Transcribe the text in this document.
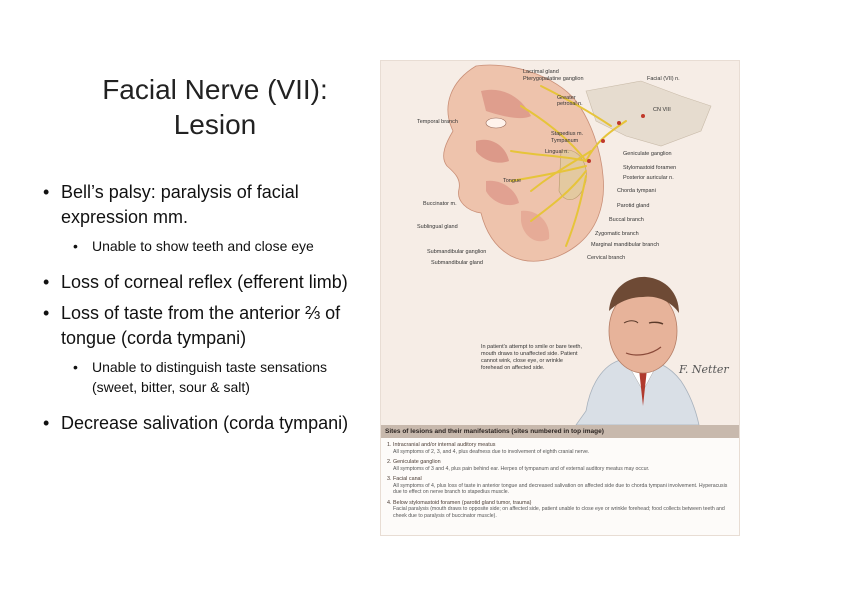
Facial Nerve (VII):
Lesion
• Bell’s palsy: paralysis of facial expression mm.
• Unable to show teeth and close eye
• Loss of corneal reflex (efferent limb)
• Loss of taste from the anterior ⅔ of tongue (corda tympani)
• Unable to distinguish taste sensations (sweet, bitter, sour & salt)
• Decrease salivation (corda tympani)
Lacrimal gland
Pterygopalatine ganglion	Facial (VII) n.
Greater petrosal n.
CN VIII
Temporal branch
Stapedius m.
Tympanum
Lingual n.	Geniculate ganglion
Stylomastoid foramen
Posterior auricular n.
Tongue
Chorda tympani
Buccinator m.	Parotid gland
Buccal branch
Sublingual gland
Zygomatic branch
Marginal mandibular branch
Submandibular ganglion
Cervical branch
Submandibular gland
In patient's attempt to smile or bare teeth, mouth draws to unaffected side. Patient cannot wink, close eye, or wrinkle forehead on affected side.	F. Netter
Sites of lesions and their manifestations (sites numbered in top image)
1. Intracranial and/or internal auditory meatus
All symptoms of 2, 3, and 4, plus deafness due to involvement of eighth cranial nerve.
2. Geniculate ganglion
All symptoms of 3 and 4, plus pain behind ear. Herpes of tympanum and of external auditory meatus may occur.
3. Facial canal
All symptoms of 4, plus loss of taste in anterior tongue and decreased salivation on affected side due to chorda tympani involvement. Hyperacusis due to effect on nerve branch to stapedius muscle.
4. Below stylomastoid foramen (parotid gland tumor, trauma)
Facial paralysis (mouth draws to opposite side; on affected side, patient unable to close eye or wrinkle forehead; food collects between teeth and cheek due to paralysis of buccinator muscle).
